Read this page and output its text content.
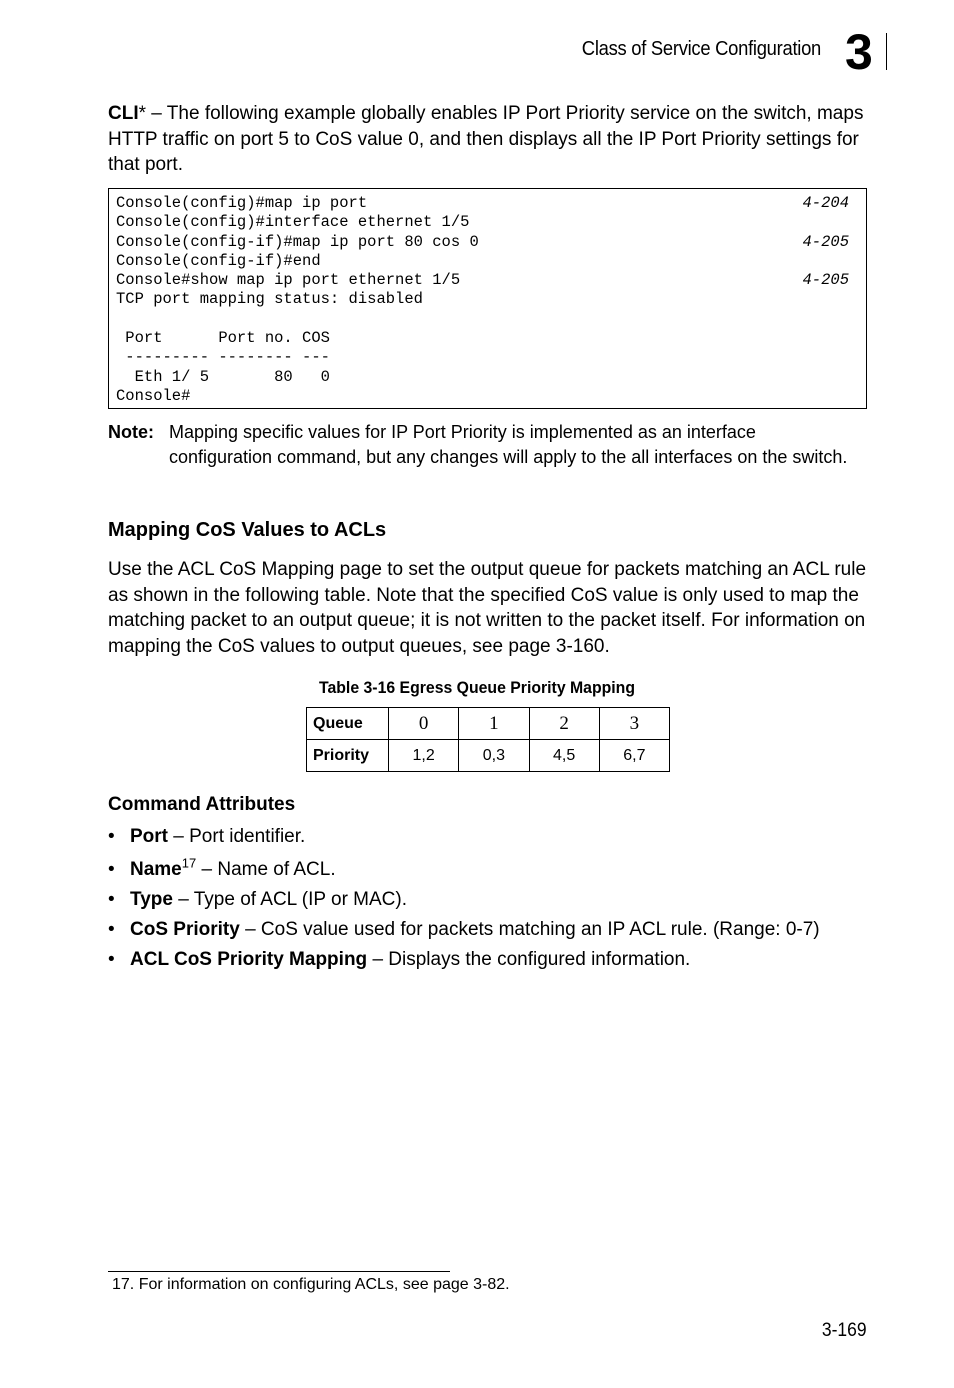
Class of Service Configuration 3
CLI* – The following example globally enables IP Port Priority service on the switch, maps HTTP traffic on port 5 to CoS value 0, and then displays all the IP Port Priority settings for that port.
Console(config)#map ip port	4-204
Console(config)#interface ethernet 1/5
Console(config-if)#map ip port 80 cos 0	4-205
Console(config-if)#end
Console#show map ip port ethernet 1/5	4-205
TCP port mapping status: disabled
Port      Port no. COS
--------- -------- ---
Eth 1/ 5       80   0
Console#
Note: Mapping specific values for IP Port Priority is implemented as an interface configuration command, but any changes will apply to the all interfaces on the switch.
Mapping CoS Values to ACLs
Use the ACL CoS Mapping page to set the output queue for packets matching an ACL rule as shown in the following table. Note that the specified CoS value is only used to map the matching packet to an output queue; it is not written to the packet itself. For information on mapping the CoS values to output queues, see page 3-160.
Table 3-16 Egress Queue Priority Mapping
Queue	0	1	2	3
Priority	1,2	0,3	4,5	6,7
Command Attributes
• Port – Port identifier.
• Name$^{17}$ – Name of ACL.
• Type – Type of ACL (IP or MAC).
• CoS Priority – CoS value used for packets matching an IP ACL rule. (Range: 0-7)
• ACL CoS Priority Mapping – Displays the configured information.
17. For information on configuring ACLs, see page 3-82.
3-169
